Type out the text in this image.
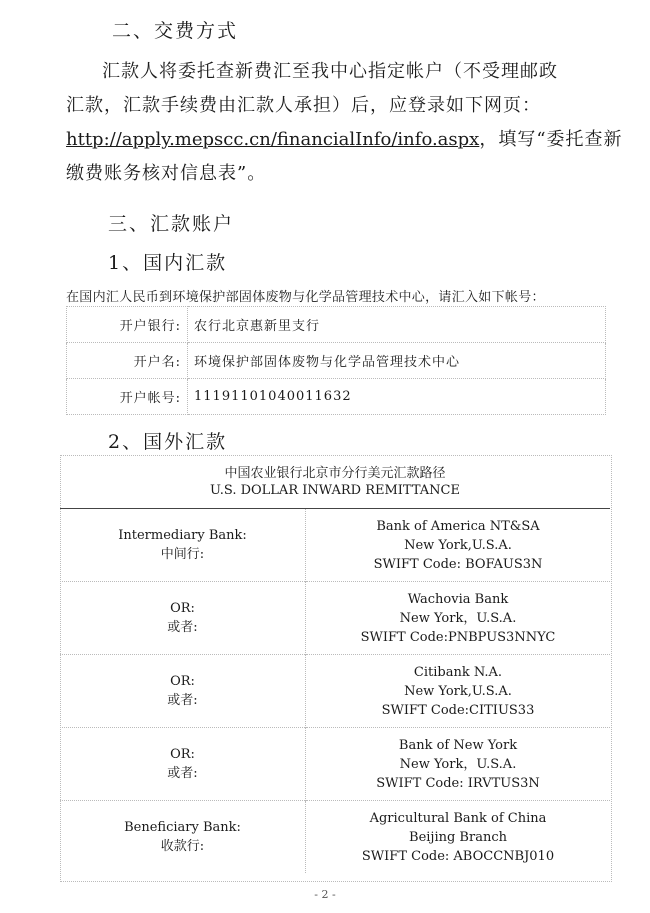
二、交费方式
汇款人将委托查新费汇至我中心指定帐户（不受理邮政
汇款，汇款手续费由汇款人承担）后，应登录如下网页：
http://apply.mepscc.cn/financialInfo/info.aspx，填写“委托查新
缴费账务核对信息表”。
三、汇款账户
1、国内汇款
在国内汇人民币到环境保护部固体废物与化学品管理技术中心，请汇入如下帐号：
开户银行:	农行北京惠新里支行
开户名:	环境保护部固体废物与化学品管理技术中心
开户帐号:	11191101040011632
2、国外汇款
中国农业银行北京市分行美元汇款路径
U.S. DOLLAR INWARD REMITTANCE
Intermediary Bank:
中间行:	Bank of America NT&SA
New York,U.S.A.
SWIFT Code: BOFAUS3N

OR:
或者:	Wachovia Bank
New York，U.S.A.
SWIFT Code:PNBPUS3NNYC

OR:
或者:	Citibank N.A.
New York,U.S.A.
SWIFT Code:CITIUS33

OR:
或者:	Bank of New York
New York，U.S.A.
SWIFT Code: IRVTUS3N

Beneficiary Bank:
收款行:	Agricultural Bank of China
Beijing Branch
SWIFT Code: ABOCCNBJ010
- 2 -
